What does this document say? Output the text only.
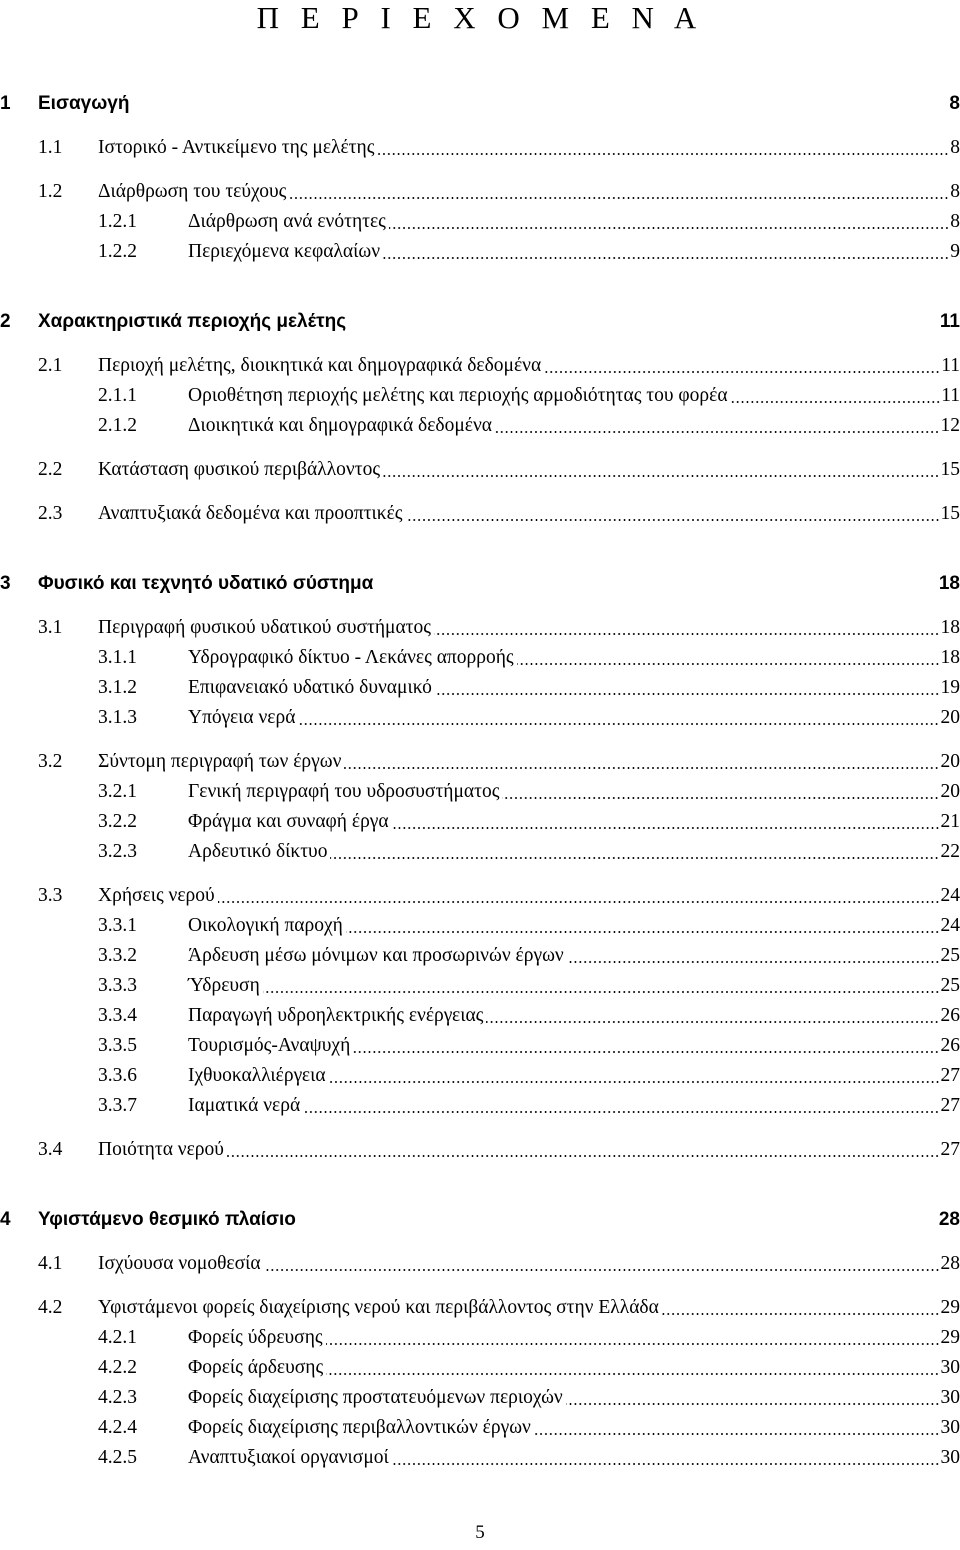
Π Ε Ρ Ι Ε Χ Ο Μ Ε Ν Α
1 Εισαγωγή	8
1.1 Ιστορικό - Αντικείμενο της μελέτης	8
1.2 Διάρθρωση του τεύχους	8
1.2.1	Διάρθρωση ανά ενότητες	8
1.2.2	Περιεχόμενα κεφαλαίων	9
2 Χαρακτηριστικά περιοχής μελέτης	11
2.1 Περιοχή μελέτης, διοικητικά και δημογραφικά δεδομένα	11
2.1.1	Οριοθέτηση περιοχής μελέτης και περιοχής αρμοδιότητας του φορέα	11
2.1.2	Διοικητικά και δημογραφικά δεδομένα	12
2.2 Κατάσταση φυσικού περιβάλλοντος	15
2.3 Αναπτυξιακά δεδομένα και προοπτικές	15
3 Φυσικό και τεχνητό υδατικό σύστημα	18
3.1 Περιγραφή φυσικού υδατικού συστήματος	18
3.1.1	Υδρογραφικό δίκτυο - Λεκάνες απορροής	18
3.1.2	Επιφανειακό υδατικό δυναμικό	19
3.1.3	Υπόγεια νερά	20
3.2 Σύντομη περιγραφή των έργων	20
3.2.1	Γενική περιγραφή του υδροσυστήματος	20
3.2.2	Φράγμα και συναφή έργα	21
3.2.3	Αρδευτικό δίκτυο	22
3.3 Χρήσεις νερού	24
3.3.1	Οικολογική παροχή	24
3.3.2	Άρδευση μέσω μόνιμων και προσωρινών έργων	25
3.3.3	Ύδρευση	25
3.3.4	Παραγωγή υδροηλεκτρικής ενέργειας	26
3.3.5	Τουρισμός-Αναψυχή	26
3.3.6	Ιχθυοκαλλιέργεια	27
3.3.7	Ιαματικά νερά	27
3.4 Ποιότητα νερού	27
4 Υφιστάμενο θεσμικό πλαίσιο	28
4.1 Ισχύουσα νομοθεσία	28
4.2 Υφιστάμενοι φορείς διαχείρισης νερού και περιβάλλοντος στην Ελλάδα	29
4.2.1	Φορείς ύδρευσης	29
4.2.2	Φορείς άρδευσης	30
4.2.3	Φορείς διαχείρισης προστατευόμενων περιοχών	30
4.2.4	Φορείς διαχείρισης περιβαλλοντικών έργων	30
4.2.5	Αναπτυξιακοί οργανισμοί	30
5
